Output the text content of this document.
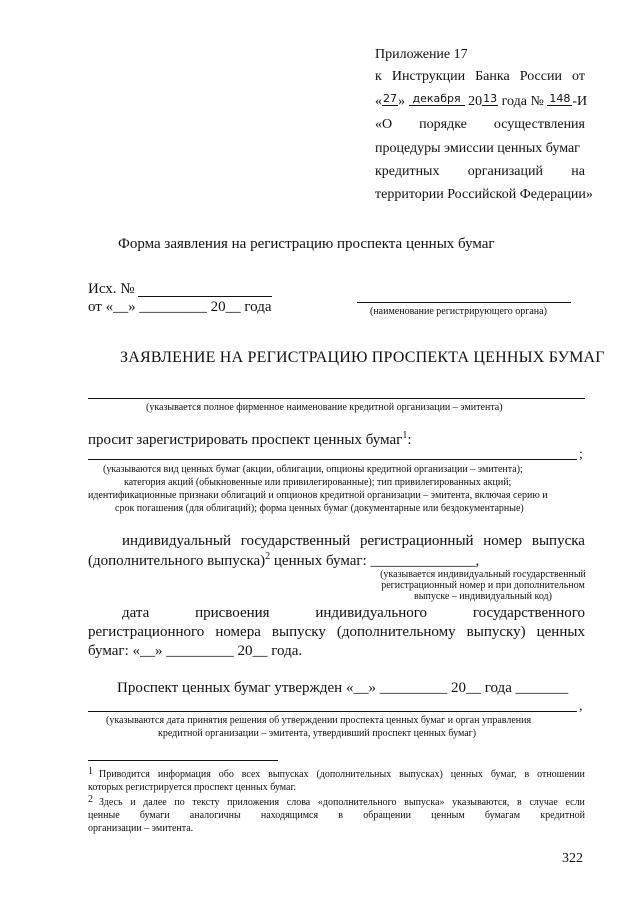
Приложение 17
к Инструкции Банка России от
«$^{27}$» $^{декабря}$ $20^{13}$ года № $^{148}$ -И
«О порядке осуществления
процедуры эмиссии ценных бумаг
кредитных организаций на
территории Российской Федерации»
Форма заявления на регистрацию проспекта ценных бумаг
Исх. №
от «__» _________ 20__ года	(наименование регистрирующего органа)
ЗАЯВЛЕНИЕ НА РЕГИСТРАЦИЮ ПРОСПЕКТА ЦЕННЫХ БУМАГ
(указывается полное фирменное наименование кредитной организации – эмитента)
просит зарегистрировать проспект ценных бумаг$^1$:
;
(указываются вид ценных бумаг (акции, облигации, опционы кредитной организации – эмитента);
категория акций (обыкновенные или привилегированные); тип привилегированных акций;
идентификационные признаки облигаций и опционов кредитной организации – эмитента, включая серию и
срок погашения (для облигаций); форма ценных бумаг (документарные или бездокументарные)
индивидуальный государственный регистрационный номер выпуска
(дополнительного выпуска)$^2$ ценных бумаг: ______________,
(указывается индивидуальный государственный
регистрационный номер и при дополнительном
выпуске – индивидуальный код)
дата	присвоения	индивидуального	государственного
регистрационного номера выпуску (дополнительному выпуску) ценных
бумаг: «__» _________ 20__ года.
Проспект ценных бумаг утвержден «__» _________ 20__ года _______
,
(указываются дата принятия решения об утверждении проспекта ценных бумаг и орган управления
кредитной организации – эмитента, утвердивший проспект ценных бумаг)
1 Приводится информация обо всех выпусках (дополнительных выпусках) ценных бумаг, в отношении
которых регистрируется проспект ценных бумаг.
2 Здесь и далее по тексту приложения слова «дополнительного выпуска» указываются, в случае если
ценные бумаги аналогичны находящимся в обращении ценным бумагам кредитной
организации – эмитента.
322
